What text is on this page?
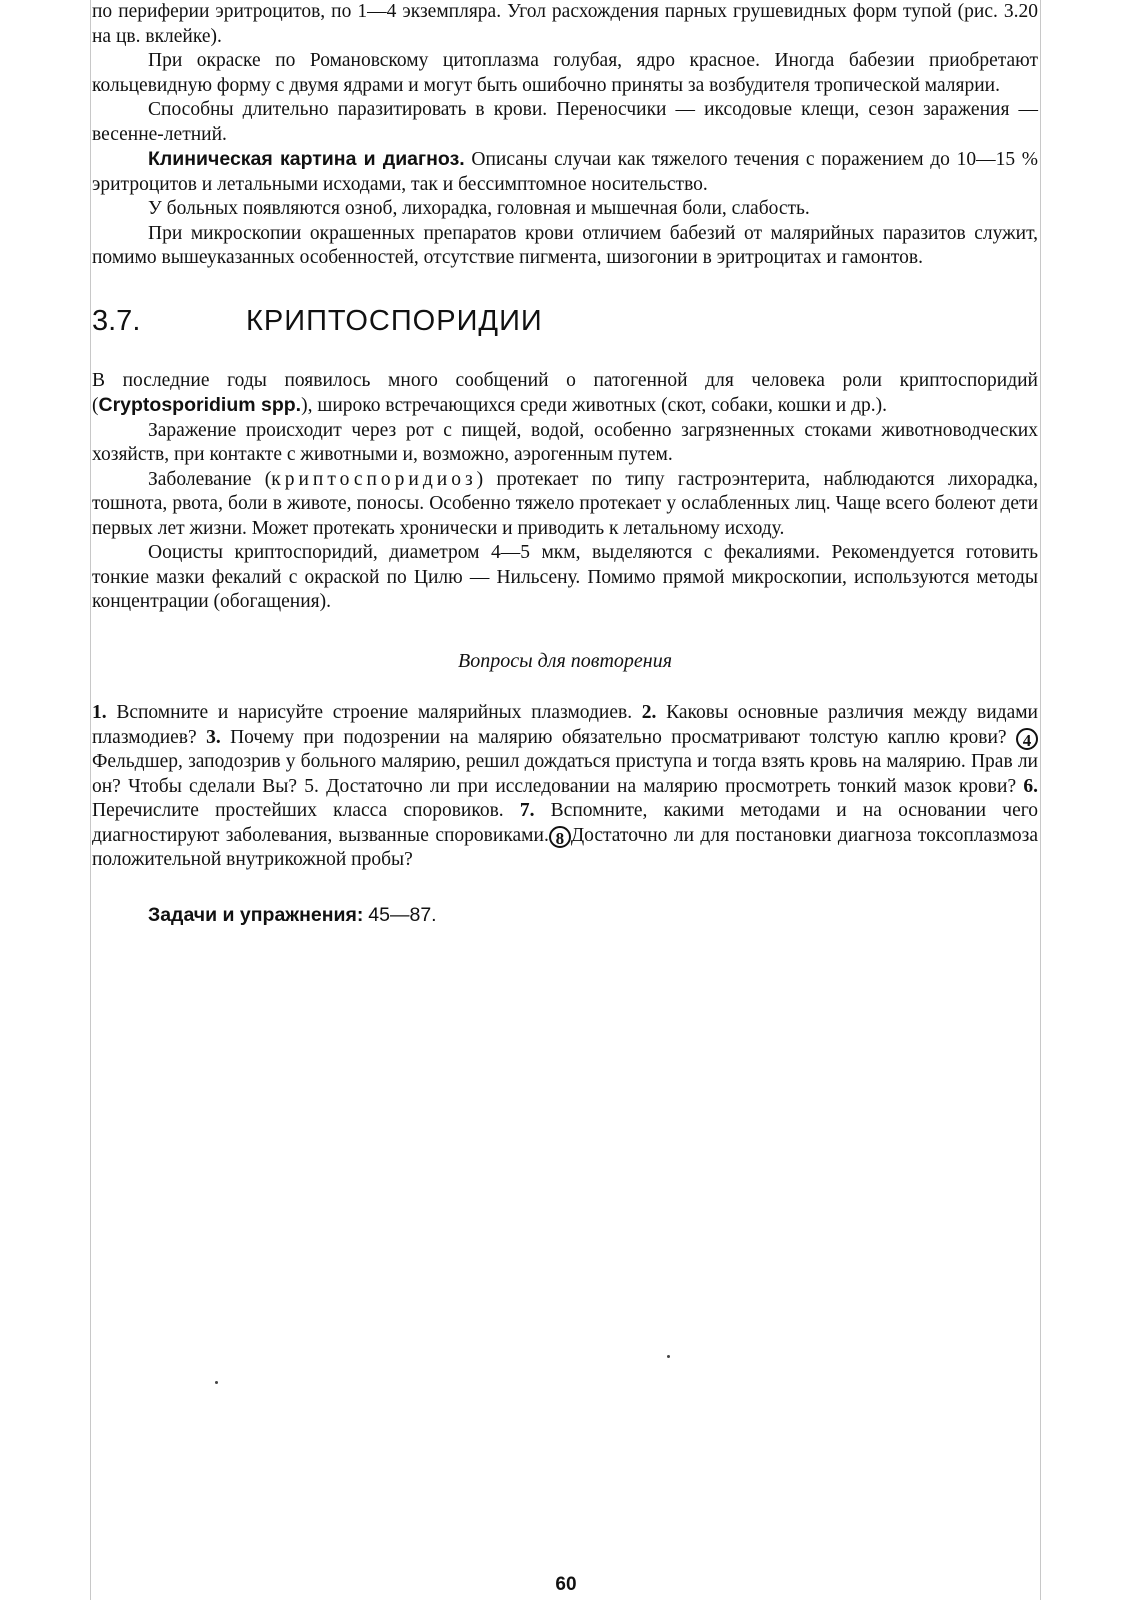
по периферии эритроцитов, по 1—4 экземпляра. Угол расхождения парных грушевидных форм тупой (рис. 3.20 на цв. вклейке).

При окраске по Романовскому цитоплазма голубая, ядро красное. Иногда бабезии приобретают кольцевидную форму с двумя ядрами и могут быть ошибочно приняты за возбудителя тропической малярии.

Способны длительно паразитировать в крови. Переносчики — иксодовые клещи, сезон заражения — весенне-летний.

Клиническая картина и диагноз. Описаны случаи как тяжелого течения с поражением до 10—15 % эритроцитов и летальными исходами, так и бессимптомное носительство.

У больных появляются озноб, лихорадка, головная и мышечная боли, слабость.

При микроскопии окрашенных препаратов крови отличием бабезий от малярийных паразитов служит, помимо вышеуказанных особенностей, отсутствие пигмента, шизогонии в эритроцитах и гамонтов.

3.7.	КРИПТОСПОРИДИИ

В последние годы появилось много сообщений о патогенной для человека роли криптоспоридий (Cryptosporidium spp.), широко встречающихся среди животных (скот, собаки, кошки и др.).

Заражение происходит через рот с пищей, водой, особенно загрязненных стоками животноводческих хозяйств, при контакте с животными и, возможно, аэрогенным путем.

Заболевание (криптоспоридиоз) протекает по типу гастроэнтерита, наблюдаются лихорадка, тошнота, рвота, боли в животе, поносы. Особенно тяжело протекает у ослабленных лиц. Чаще всего болеют дети первых лет жизни. Может протекать хронически и приводить к летальному исходу.

Ооцисты криптоспоридий, диаметром 4—5 мкм, выделяются с фекалиями. Рекомендуется готовить тонкие мазки фекалий с окраской по Цилю — Нильсену. Помимо прямой микроскопии, используются методы концентрации (обогащения).

Вопросы для повторения

1. Вспомните и нарисуйте строение малярийных плазмодиев. 2. Каковы основные различия между видами плазмодиев? 3. Почему при подозрении на малярию обязательно просматривают толстую каплю крови? 4 Фельдшер, заподозрив у больного малярию, решил дождаться приступа и тогда взять кровь на малярию. Прав ли он? Чтобы сделали Вы? 5. Достаточно ли при исследовании на малярию просмотреть тонкий мазок крови? 6. Перечислите простейших класса споровиков. 7. Вспомните, какими методами и на основании чего диагностируют заболевания, вызванные споровиками. 8 Достаточно ли для постановки диагноза токсоплазмоза положительной внутрикожной пробы?

Задачи и упражнения: 45—87.
60
